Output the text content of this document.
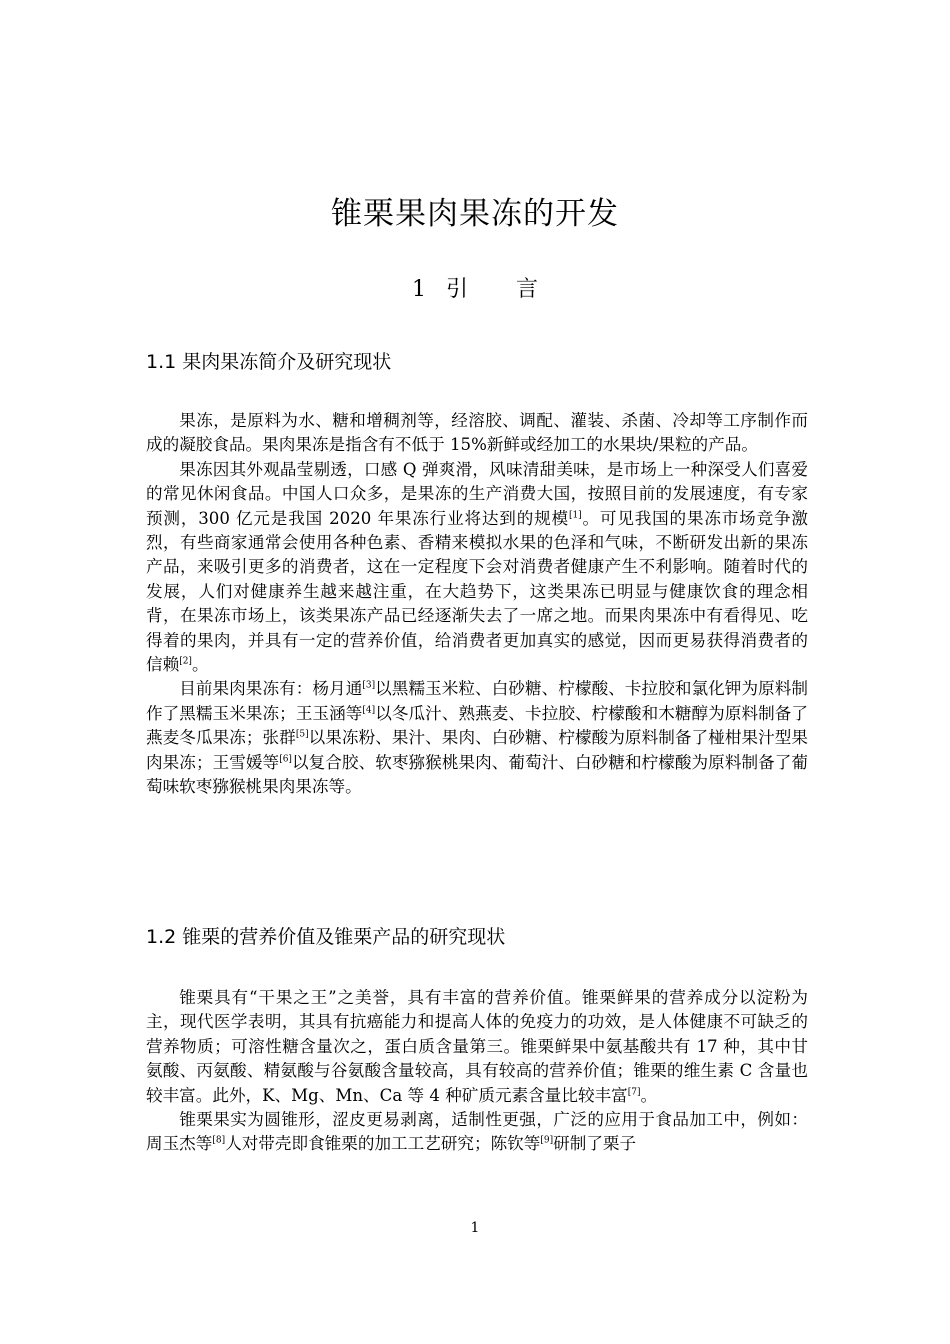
锥栗果肉果冻的开发
1 引 言
1.1 果肉果冻简介及研究现状

果冻，是原料为水、糖和增稠剂等，经溶胶、调配、灌装、杀菌、冷却等工序制作而成的凝胶食品。果肉果冻是指含有不低于 15%新鲜或经加工的水果块/果粒的产品。

果冻因其外观晶莹剔透，口感 Q 弹爽滑，风味清甜美味，是市场上一种深受人们喜爱的常见休闲食品。中国人口众多，是果冻的生产消费大国，按照目前的发展速度，有专家预测，300 亿元是我国 2020 年果冻行业将达到的规模[1]。可见我国的果冻市场竞争激烈，有些商家通常会使用各种色素、香精来模拟水果的色泽和气味，不断研发出新的果冻产品，来吸引更多的消费者，这在一定程度下会对消费者健康产生不利影响。随着时代的发展，人们对健康养生越来越注重，在大趋势下，这类果冻已明显与健康饮食的理念相背，在果冻市场上，该类果冻产品已经逐渐失去了一席之地。而果肉果冻中有看得见、吃得着的果肉，并具有一定的营养价值，给消费者更加真实的感觉，因而更易获得消费者的信赖[2]。

目前果肉果冻有：杨月通[3]以黑糯玉米粒、白砂糖、柠檬酸、卡拉胶和氯化钾为原料制作了黑糯玉米果冻；王玉涵等[4]以冬瓜汁、熟燕麦、卡拉胶、柠檬酸和木糖醇为原料制备了燕麦冬瓜果冻；张群[5]以果冻粉、果汁、果肉、白砂糖、柠檬酸为原料制备了椪柑果汁型果肉果冻；王雪媛等[6]以复合胶、软枣猕猴桃果肉、葡萄汁、白砂糖和柠檬酸为原料制备了葡萄味软枣猕猴桃果肉果冻等。

1.2 锥栗的营养价值及锥栗产品的研究现状

锥栗具有“干果之王”之美誉，具有丰富的营养价值。锥栗鲜果的营养成分以淀粉为主，现代医学表明，其具有抗癌能力和提高人体的免疫力的功效，是人体健康不可缺乏的营养物质；可溶性糖含量次之，蛋白质含量第三。锥栗鲜果中氨基酸共有 17 种，其中甘氨酸、丙氨酸、精氨酸与谷氨酸含量较高，具有较高的营养价值；锥栗的维生素 C 含量也较丰富。此外，K、Mg、Mn、Ca 等 4 种矿质元素含量比较丰富[7]。

锥栗果实为圆锥形，涩皮更易剥离，适制性更强，广泛的应用于食品加工中，例如：周玉杰等[8]人对带壳即食锥栗的加工工艺研究；陈钦等[9]研制了栗子

1
